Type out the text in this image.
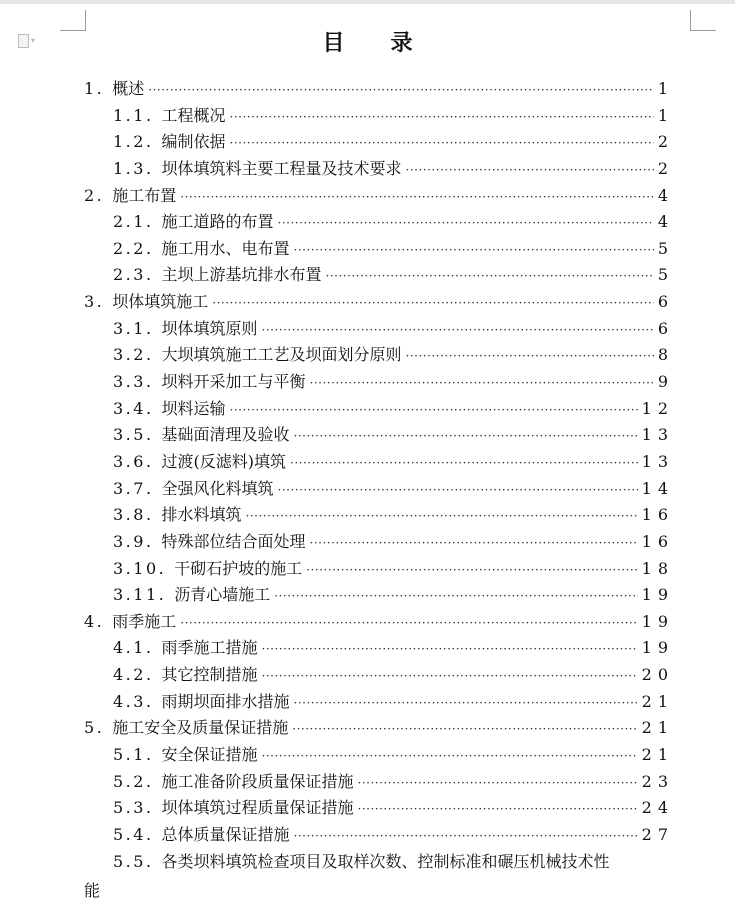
▾	目 录
1. 概述 ·····	1
1.1. 工程概况 ·····	1
1.2. 编制依据 ·····	2
1.3. 坝体填筑料主要工程量及技术要求 ·····	2
2. 施工布置 ·····	4
2.1. 施工道路的布置 ·····	4
2.2. 施工用水、电布置 ·····	5
2.3. 主坝上游基坑排水布置 ·····	5
3. 坝体填筑施工 ·····	6
3.1. 坝体填筑原则 ·····	6
3.2. 大坝填筑施工工艺及坝面划分原则 ·····	8
3.3. 坝料开采加工与平衡 ·····	9
3.4. 坝料运输 ·····	12
3.5. 基础面清理及验收 ·····	13
3.6. 过渡(反滤料)填筑 ·····	13
3.7. 全强风化料填筑 ·····	14
3.8. 排水料填筑 ·····	16
3.9. 特殊部位结合面处理 ·····	16
3.10. 干砌石护坡的施工 ·····	18
3.11. 沥青心墙施工 ·····	19
4. 雨季施工 ·····	19
4.1. 雨季施工措施 ·····	19
4.2. 其它控制措施 ·····	20
4.3. 雨期坝面排水措施 ·····	21
5. 施工安全及质量保证措施 ·····	21
5.1. 安全保证措施 ·····	21
5.2. 施工准备阶段质量保证措施 ·····	23
5.3. 坝体填筑过程质量保证措施 ·····	24
5.4. 总体质量保证措施 ·····	27
5.5. 各类坝料填筑检查项目及取样次数、控制标准和碾压机械技术性
能
